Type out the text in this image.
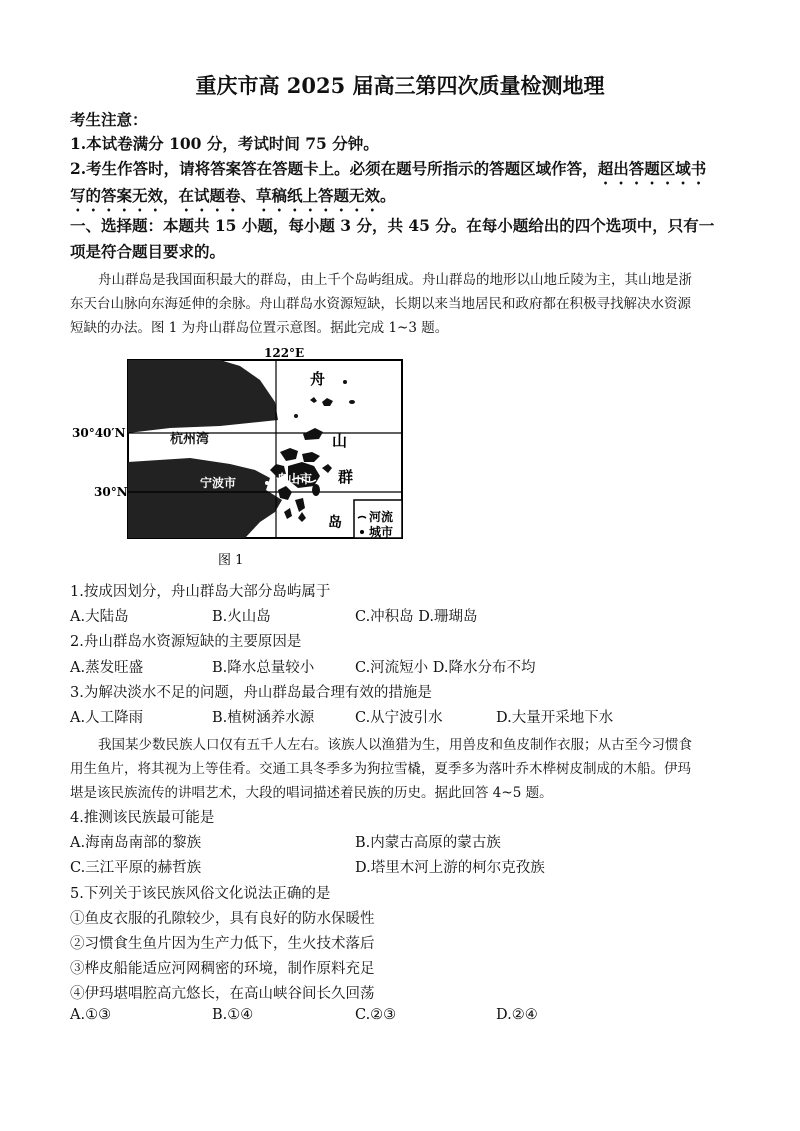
重庆市高 2025 届高三第四次质量检测地理
考生注意：
1.本试卷满分 100 分，考试时间 75 分钟。
2.考生作答时，请将答案答在答题卡上。必须在题号所指示的答题区域作答，超出答题区域书
写的答案无效，在试题卷、草稿纸上答题无效。
一、选择题：本题共 15 小题，每小题 3 分，共 45 分。在每小题给出的四个选项中，只有一
项是符合题目要求的。
舟山群岛是我国面积最大的群岛，由上千个岛屿组成。舟山群岛的地形以山地丘陵为主，其山地是浙
东天台山脉向东海延伸的余脉。舟山群岛水资源短缺，长期以来当地居民和政府都在积极寻找解决水资源
短缺的办法。图 1 为舟山群岛位置示意图。据此完成 1~3 题。
122°E
30°40′N
30°N
杭州湾
宁波市	舟山市
舟
山
群
岛 河流
城市
图 1
1.按成因划分，舟山群岛大部分岛屿属于
A.大陆岛	B.火山岛	C.冲积岛 D.珊瑚岛
2.舟山群岛水资源短缺的主要原因是
A.蒸发旺盛	B.降水总量较小	C.河流短小 D.降水分布不均
3.为解决淡水不足的问题，舟山群岛最合理有效的措施是
A.人工降雨	B.植树涵养水源	C.从宁波引水	D.大量开采地下水
我国某少数民族人口仅有五千人左右。该族人以渔猎为生，用兽皮和鱼皮制作衣服；从古至今习惯食
用生鱼片，将其视为上等佳肴。交通工具冬季多为狗拉雪橇，夏季多为落叶乔木桦树皮制成的木船。伊玛
堪是该民族流传的讲唱艺术，大段的唱词描述着民族的历史。据此回答 4~5 题。
4.推测该民族最可能是
A.海南岛南部的黎族	B.内蒙古高原的蒙古族
C.三江平原的赫哲族	D.塔里木河上游的柯尔克孜族
5.下列关于该民族风俗文化说法正确的是
①鱼皮衣服的孔隙较少，具有良好的防水保暖性
②习惯食生鱼片因为生产力低下，生火技术落后
③桦皮船能适应河网稠密的环境，制作原料充足
④伊玛堪唱腔高亢悠长，在高山峡谷间长久回荡
A.①③	B.①④	C.②③	D.②④
